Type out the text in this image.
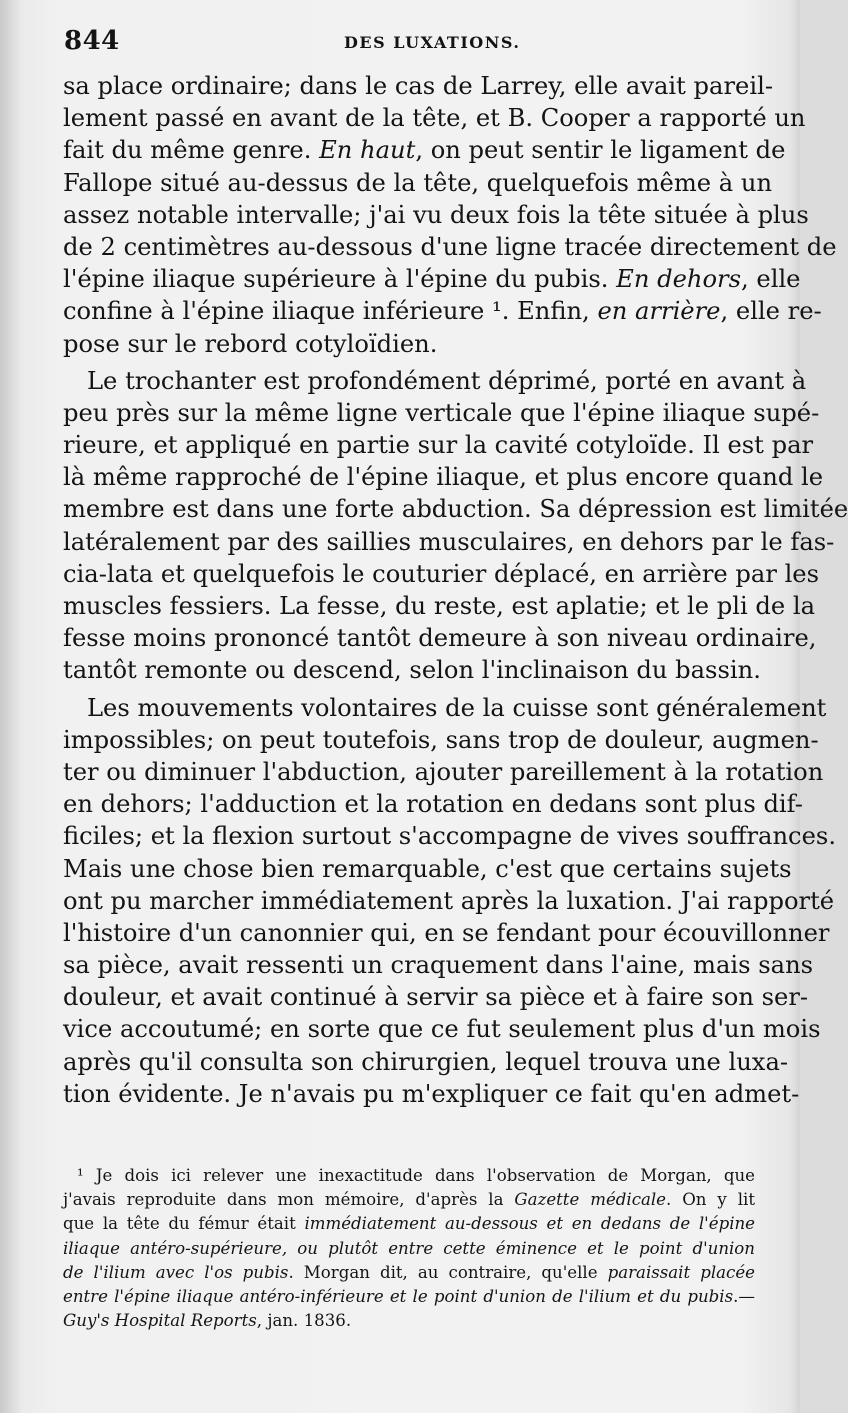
844	DES LUXATIONS.
sa place ordinaire; dans le cas de Larrey, elle avait pareil-
lement passé en avant de la tête, et B. Cooper a rapporté un
fait du même genre. En haut, on peut sentir le ligament de
Fallope situé au-dessus de la tête, quelquefois même à un
assez notable intervalle; j'ai vu deux fois la tête située à plus
de 2 centimètres au-dessous d'une ligne tracée directement de
l'épine iliaque supérieure à l'épine du pubis. En dehors, elle
confine à l'épine iliaque inférieure ¹. Enfin, en arrière, elle re-
pose sur le rebord cotyloïdien.
Le trochanter est profondément déprimé, porté en avant à
peu près sur la même ligne verticale que l'épine iliaque supé-
rieure, et appliqué en partie sur la cavité cotyloïde. Il est par
là même rapproché de l'épine iliaque, et plus encore quand le
membre est dans une forte abduction. Sa dépression est limitée
latéralement par des saillies musculaires, en dehors par le fas-
cia-lata et quelquefois le couturier déplacé, en arrière par les
muscles fessiers. La fesse, du reste, est aplatie; et le pli de la
fesse moins prononcé tantôt demeure à son niveau ordinaire,
tantôt remonte ou descend, selon l'inclinaison du bassin.
Les mouvements volontaires de la cuisse sont généralement
impossibles; on peut toutefois, sans trop de douleur, augmen-
ter ou diminuer l'abduction, ajouter pareillement à la rotation
en dehors; l'adduction et la rotation en dedans sont plus dif-
ficiles; et la flexion surtout s'accompagne de vives souffrances.
Mais une chose bien remarquable, c'est que certains sujets
ont pu marcher immédiatement après la luxation. J'ai rapporté
l'histoire d'un canonnier qui, en se fendant pour écouvillonner
sa pièce, avait ressenti un craquement dans l'aine, mais sans
douleur, et avait continué à servir sa pièce et à faire son ser-
vice accoutumé; en sorte que ce fut seulement plus d'un mois
après qu'il consulta son chirurgien, lequel trouva une luxa-
tion évidente. Je n'avais pu m'expliquer ce fait qu'en admet-
¹ Je dois ici relever une inexactitude dans l'observation de Morgan, que
j'avais reproduite dans mon mémoire, d'après la Gazette médicale. On y lit
que la tête du fémur était immédiatement au-dessous et en dedans de l'épine
iliaque antéro-supérieure, ou plutôt entre cette éminence et le point d'union
de l'ilium avec l'os pubis. Morgan dit, au contraire, qu'elle paraissait placée
entre l'épine iliaque antéro-inférieure et le point d'union de l'ilium et du pubis.—
Guy's Hospital Reports, jan. 1836.
